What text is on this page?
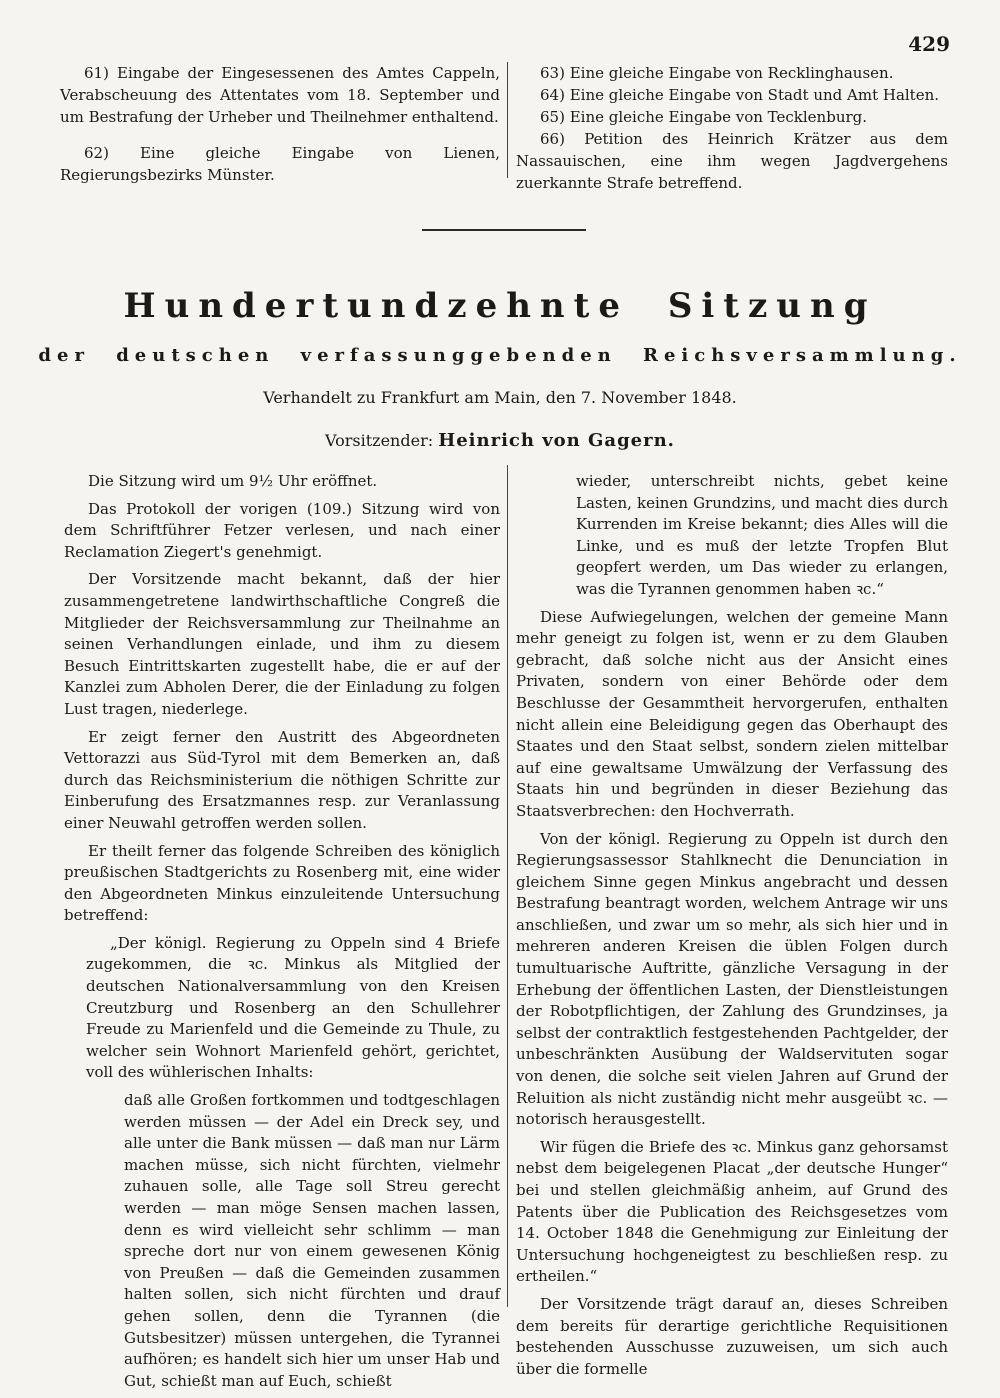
429

61) Eingabe der Eingesessenen des Amtes Cappeln, Verabscheuung des Attentates vom 18. September und um Bestrafung der Urheber und Theilnehmer enthaltend.

62) Eine gleiche Eingabe von Lienen, Regierungsbezirks Münster.

63) Eine gleiche Eingabe von Recklinghausen.

64) Eine gleiche Eingabe von Stadt und Amt Halten.

65) Eine gleiche Eingabe von Tecklenburg.

66) Petition des Heinrich Krätzer aus dem Nassauischen, eine ihm wegen Jagdvergehens zuerkannte Strafe betreffend.

Hundertundzehnte Sitzung
der deutschen verfassunggebenden Reichsversammlung.
Verhandelt zu Frankfurt am Main, den 7. November 1848.
Vorsitzender: Heinrich von Gagern.

Die Sitzung wird um 9½ Uhr eröffnet.

Das Protokoll der vorigen (109.) Sitzung wird von dem Schriftführer Fetzer verlesen, und nach einer Reclamation Ziegert's genehmigt.

Der Vorsitzende macht bekannt, daß der hier zusammengetretene landwirthschaftliche Congreß die Mitglieder der Reichsversammlung zur Theilnahme an seinen Verhandlungen einlade, und ihm zu diesem Besuch Eintrittskarten zugestellt habe, die er auf der Kanzlei zum Abholen Derer, die der Einladung zu folgen Lust tragen, niederlege.

Er zeigt ferner den Austritt des Abgeordneten Vettorazzi aus Süd-Tyrol mit dem Bemerken an, daß durch das Reichsministerium die nöthigen Schritte zur Einberufung des Ersatzmannes resp. zur Veranlassung einer Neuwahl getroffen werden sollen.

Er theilt ferner das folgende Schreiben des königlich preußischen Stadtgerichts zu Rosenberg mit, eine wider den Abgeordneten Minkus einzuleitende Untersuchung betreffend:

„Der königl. Regierung zu Oppeln sind 4 Briefe zugekommen, die ꝛc. Minkus als Mitglied der deutschen Nationalversammlung von den Kreisen Creutzburg und Rosenberg an den Schullehrer Freude zu Marienfeld und die Gemeinde zu Thule, zu welcher sein Wohnort Marienfeld gehört, gerichtet, voll des wühlerischen Inhalts:

daß alle Großen fortkommen und todtgeschlagen werden müssen — der Adel ein Dreck sey, und alle unter die Bank müssen — daß man nur Lärm machen müsse, sich nicht fürchten, vielmehr zuhauen solle, alle Tage soll Streu gerecht werden — man möge Sensen machen lassen, denn es wird vielleicht sehr schlimm — man spreche dort nur von einem gewesenen König von Preußen — daß die Gemeinden zusammen halten sollen, sich nicht fürchten und drauf gehen sollen, denn die Tyrannen (die Gutsbesitzer) müssen untergehen, die Tyrannei aufhören; es handelt sich hier um unser Hab und Gut, schießt man auf Euch, schießt

wieder, unterschreibt nichts, gebet keine Lasten, keinen Grundzins, und macht dies durch Kurrenden im Kreise bekannt; dies Alles will die Linke, und es muß der letzte Tropfen Blut geopfert werden, um Das wieder zu erlangen, was die Tyrannen genommen haben ꝛc.“

Diese Aufwiegelungen, welchen der gemeine Mann mehr geneigt zu folgen ist, wenn er zu dem Glauben gebracht, daß solche nicht aus der Ansicht eines Privaten, sondern von einer Behörde oder dem Beschlusse der Gesammtheit hervorgerufen, enthalten nicht allein eine Beleidigung gegen das Oberhaupt des Staates und den Staat selbst, sondern zielen mittelbar auf eine gewaltsame Umwälzung der Verfassung des Staats hin und begründen in dieser Beziehung das Staatsverbrechen: den Hochverrath.

Von der königl. Regierung zu Oppeln ist durch den Regierungsassessor Stahlknecht die Denunciation in gleichem Sinne gegen Minkus angebracht und dessen Bestrafung beantragt worden, welchem Antrage wir uns anschließen, und zwar um so mehr, als sich hier und in mehreren anderen Kreisen die üblen Folgen durch tumultuarische Auftritte, gänzliche Versagung in der Erhebung der öffentlichen Lasten, der Dienstleistungen der Robotpflichtigen, der Zahlung des Grundzinses, ja selbst der contraktlich festgestehenden Pachtgelder, der unbeschränkten Ausübung der Waldservituten sogar von denen, die solche seit vielen Jahren auf Grund der Reluition als nicht zuständig nicht mehr ausgeübt ꝛc. — notorisch herausgestellt.

Wir fügen die Briefe des ꝛc. Minkus ganz gehorsamst nebst dem beigelegenen Placat „der deutsche Hunger“ bei und stellen gleichmäßig anheim, auf Grund des Patents über die Publication des Reichsgesetzes vom 14. October 1848 die Genehmigung zur Einleitung der Untersuchung hochgeneigtest zu beschließen resp. zu ertheilen.“

Der Vorsitzende trägt darauf an, dieses Schreiben dem bereits für derartige gerichtliche Requisitionen bestehenden Ausschusse zuzuweisen, um sich auch über die formelle
